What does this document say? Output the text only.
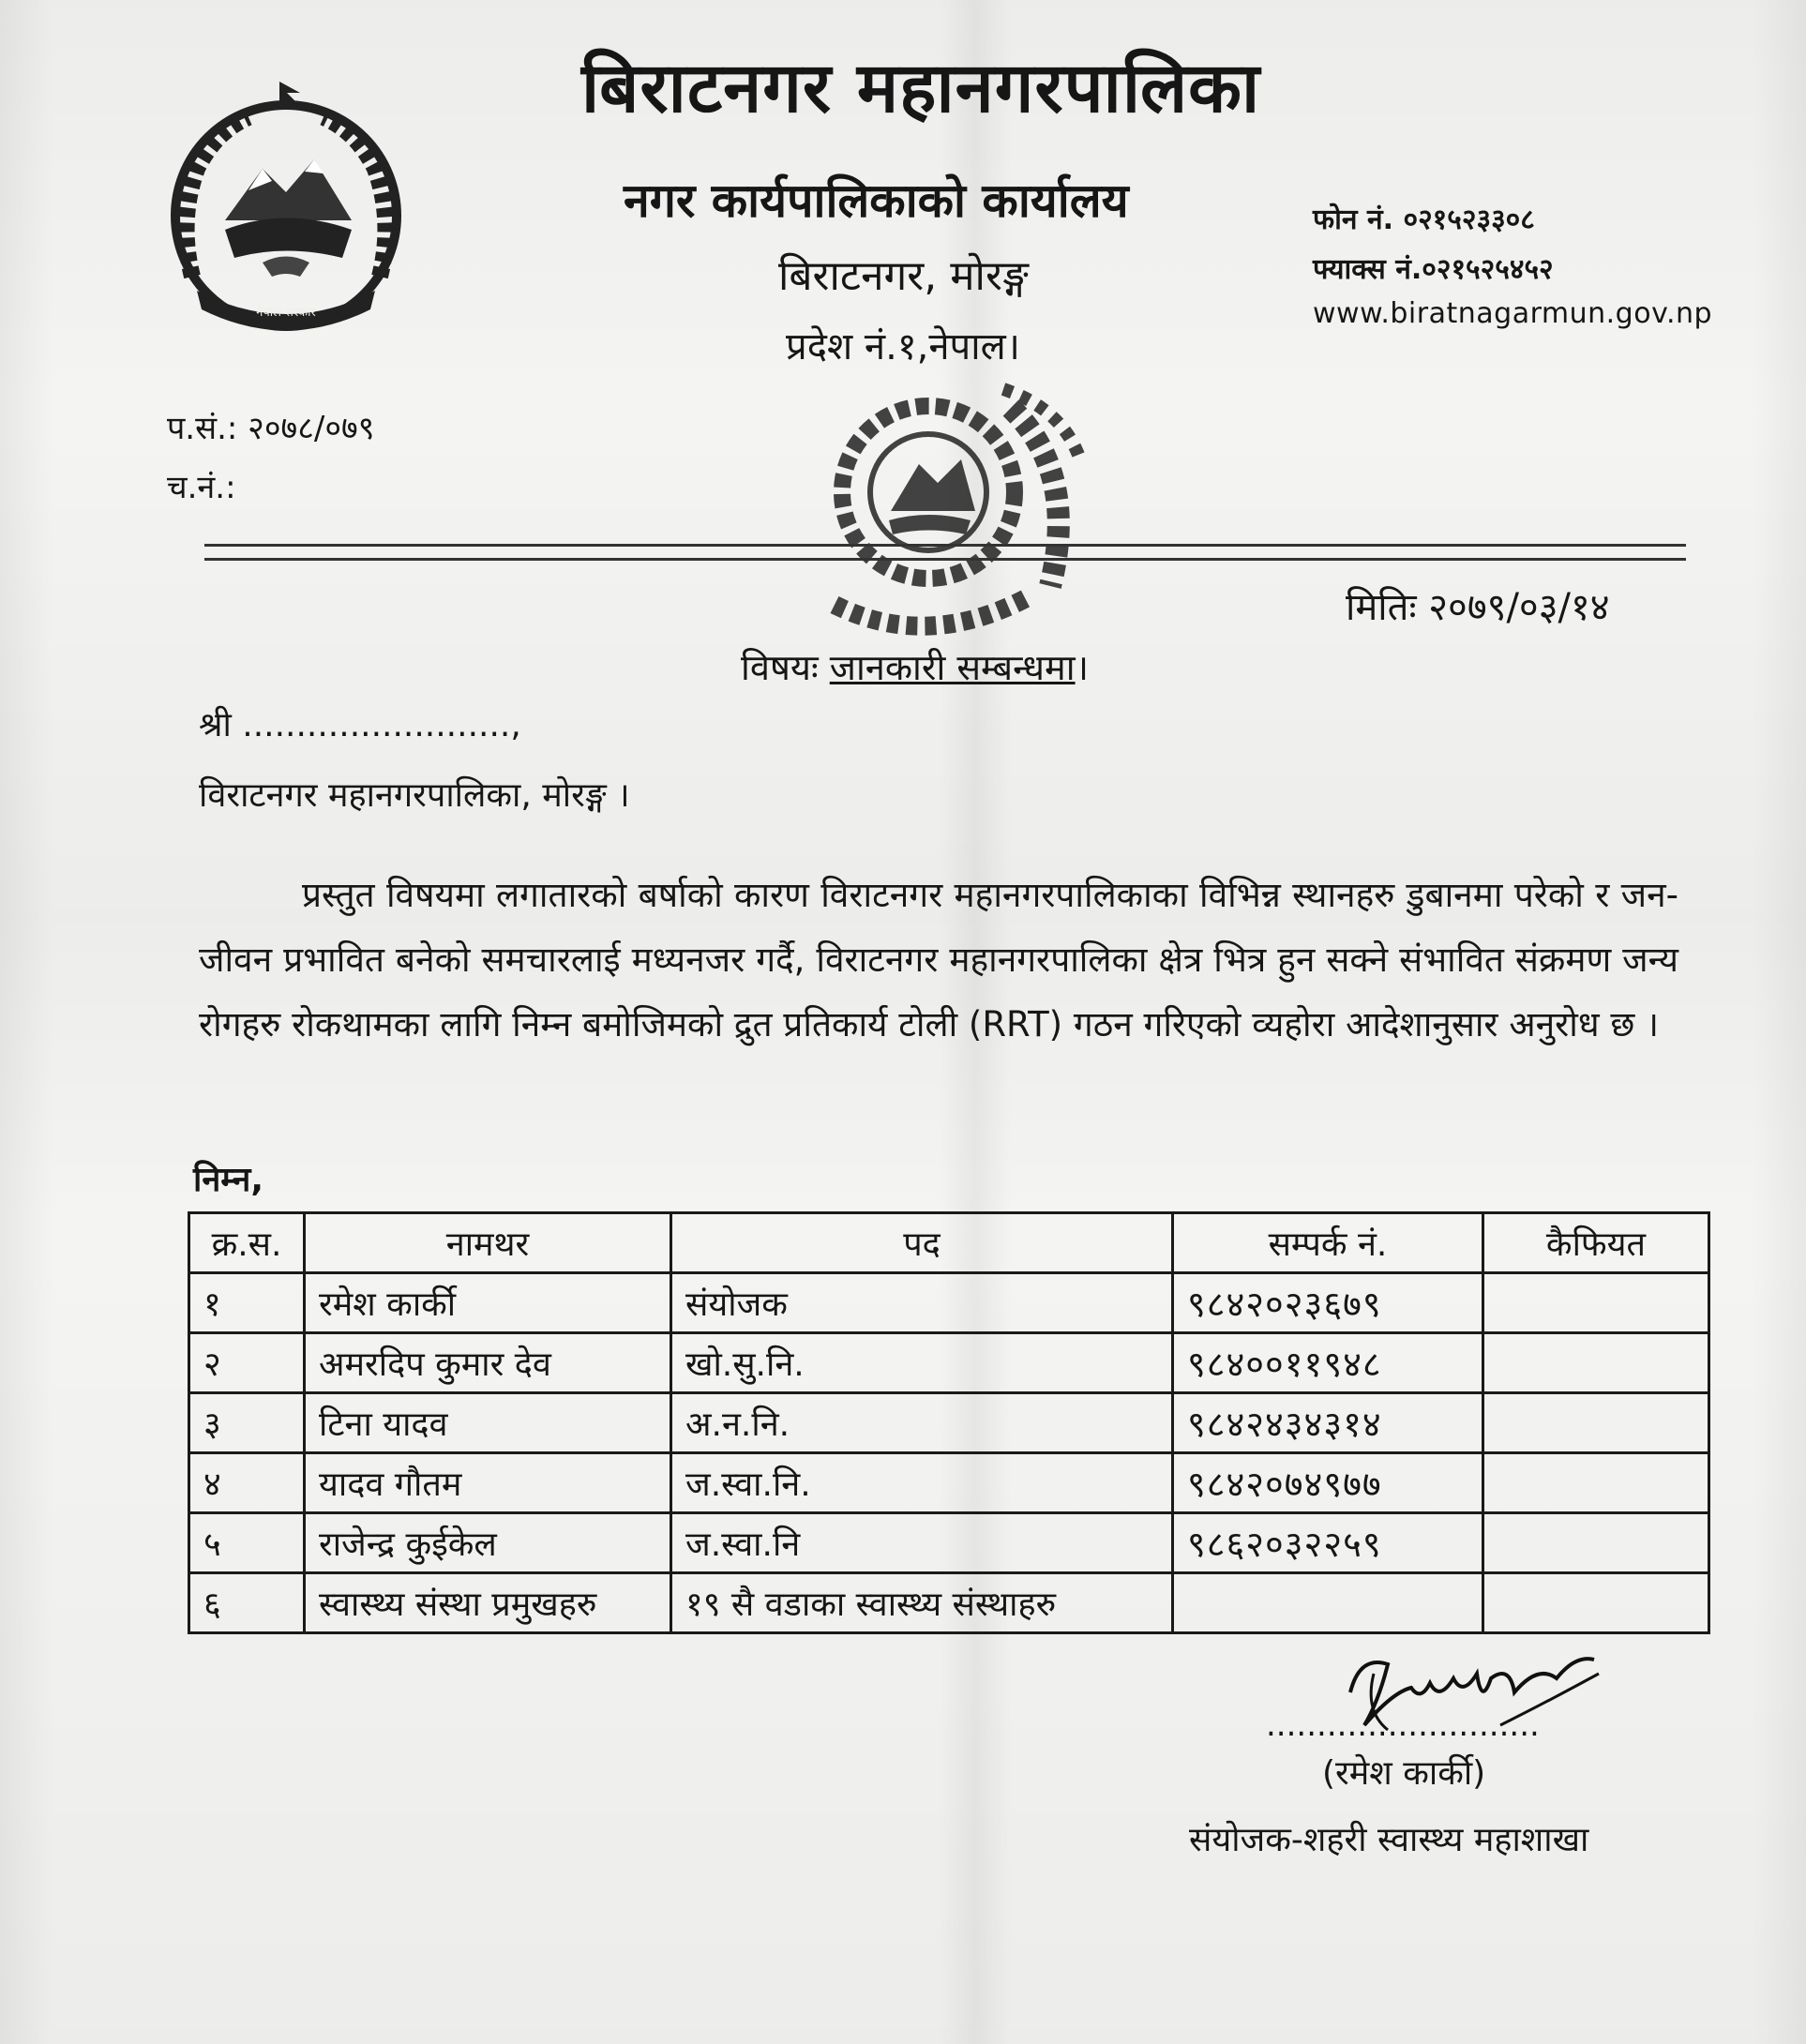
नेपाल सरकार
बिराटनगर महानगरपालिका
नगर कार्यपालिकाको कार्यालय
बिराटनगर, मोरङ्ग
प्रदेश नं.१,नेपाल।
फोन नं. ०२१५२३३०८
फ्याक्स नं.०२१५२५४५२
www.biratnagarmun.gov.np
प.सं.: २०७८/०७९
च.नं.:
मितिः २०७९/०३/१४
विषयः जानकारी सम्बन्धमा।
श्री .........................,
विराटनगर महानगरपालिका, मोरङ्ग ।
प्रस्तुत विषयमा लगातारको बर्षाको कारण विराटनगर महानगरपालिकाका विभिन्न स्थानहरु डुबानमा परेको र जन-जीवन प्रभावित बनेको समचारलाई मध्यनजर गर्दै, विराटनगर महानगरपालिका क्षेत्र भित्र हुन सक्ने संभावित संक्रमण जन्य रोगहरु रोकथामका लागि निम्न बमोजिमको द्रुत प्रतिकार्य टोली (RRT) गठन गरिएको व्यहोरा आदेशानुसार अनुरोध छ ।
निम्न,
क्र.स.	नामथर	पद	सम्पर्क नं.	कैफियत
१	रमेश कार्की	संयोजक	९८४२०२३६७९	
२	अमरदिप कुमार देव	खो.सु.नि.	९८४००११९४८	
३	टिना यादव	अ.न.नि.	९८४२४३४३१४	
४	यादव गौतम	ज.स्वा.नि.	९८४२०७४९७७	
५	राजेन्द्र कुईकेल	ज.स्वा.नि	९८६२०३२२५९	
६	स्वास्थ्य संस्था प्रमुखहरु	१९ सै वडाका स्वास्थ्य संस्थाहरु		
...........................
(रमेश कार्की)
संयोजक-शहरी स्वास्थ्य महाशाखा
